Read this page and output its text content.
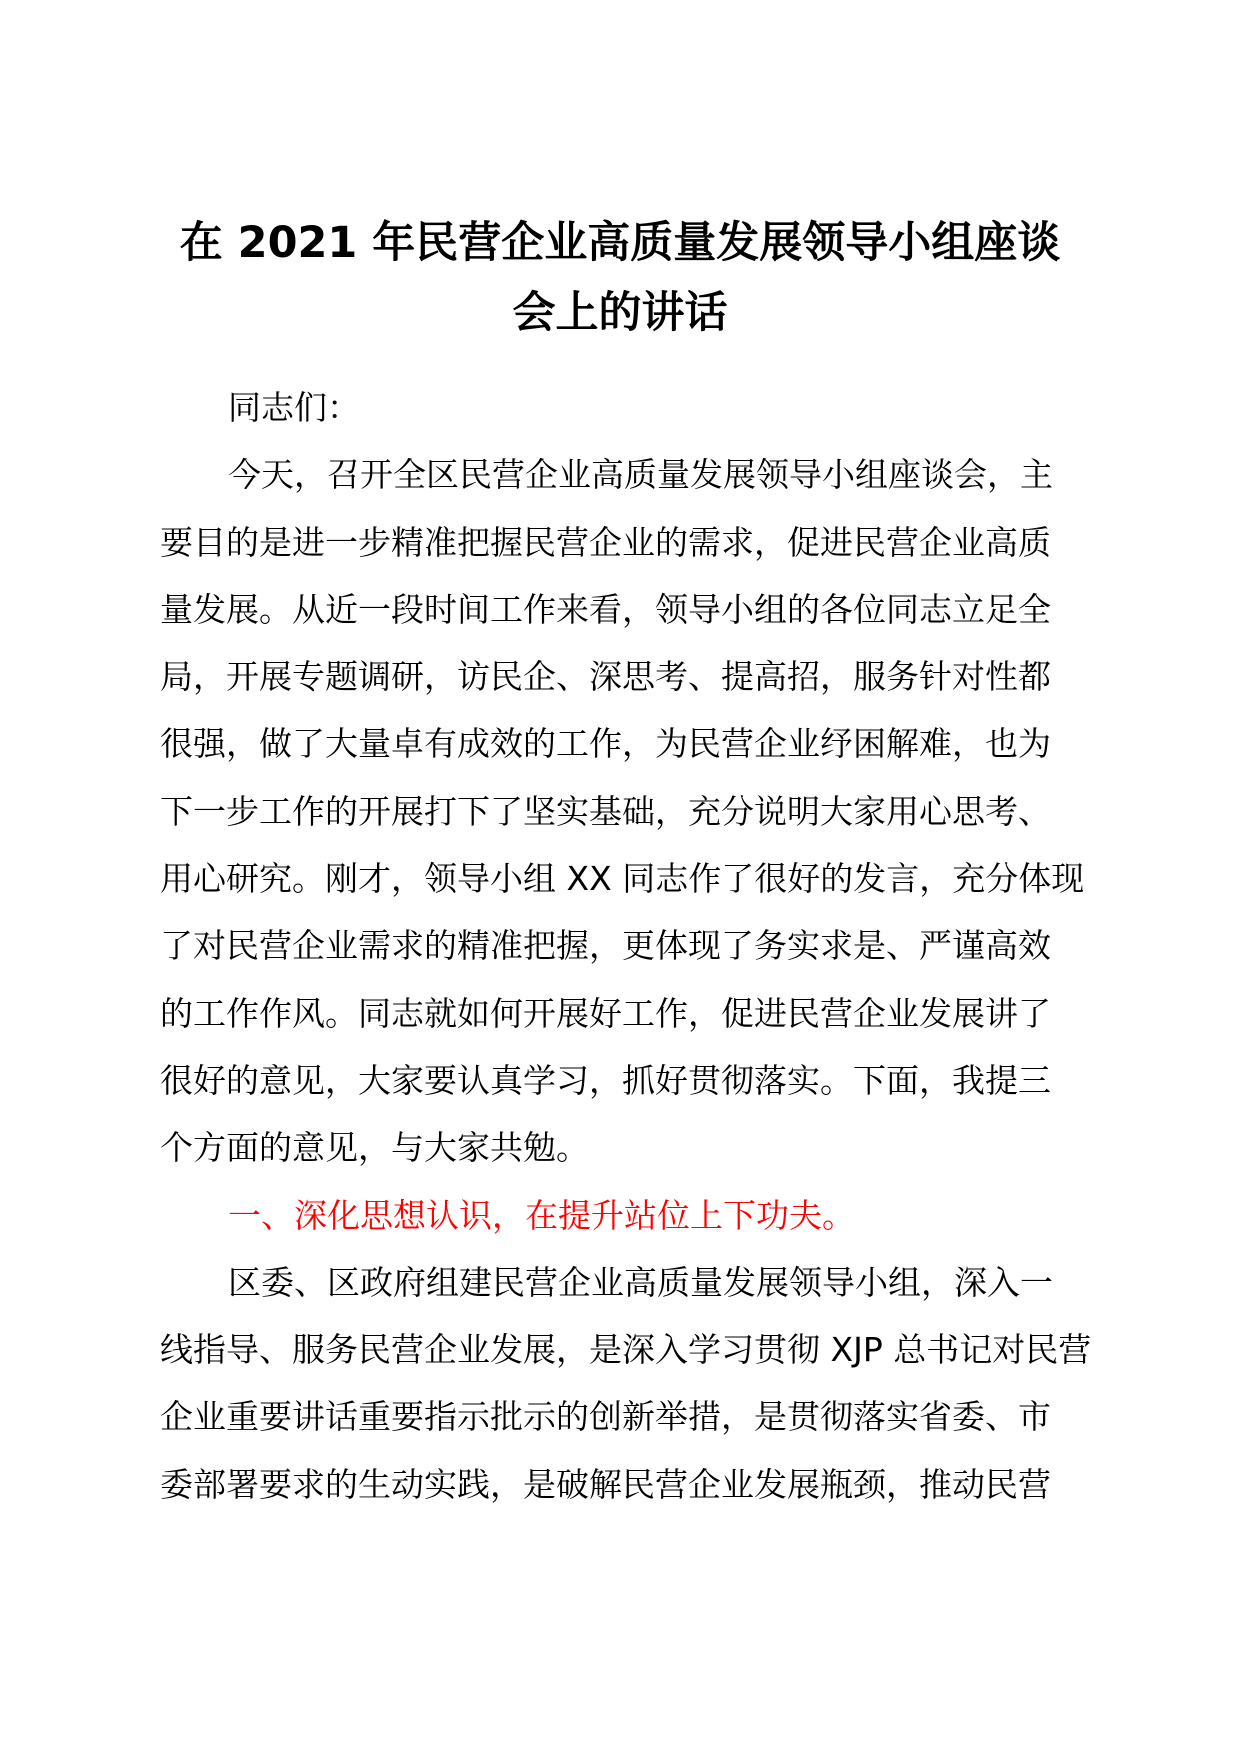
在 2021 年民营企业高质量发展领导小组座谈
会上的讲话
同志们：
今天，召开全区民营企业高质量发展领导小组座谈会，主
要目的是进一步精准把握民营企业的需求，促进民营企业高质
量发展。从近一段时间工作来看，领导小组的各位同志立足全
局，开展专题调研，访民企、深思考、提高招，服务针对性都
很强，做了大量卓有成效的工作，为民营企业纾困解难，也为
下一步工作的开展打下了坚实基础，充分说明大家用心思考、
用心研究。刚才，领导小组 XX 同志作了很好的发言，充分体现
了对民营企业需求的精准把握，更体现了务实求是、严谨高效
的工作作风。同志就如何开展好工作，促进民营企业发展讲了
很好的意见，大家要认真学习，抓好贯彻落实。下面，我提三
个方面的意见，与大家共勉。
一、深化思想认识，在提升站位上下功夫。
区委、区政府组建民营企业高质量发展领导小组，深入一
线指导、服务民营企业发展，是深入学习贯彻 XJP 总书记对民营
企业重要讲话重要指示批示的创新举措，是贯彻落实省委、市
委部署要求的生动实践，是破解民营企业发展瓶颈，推动民营
